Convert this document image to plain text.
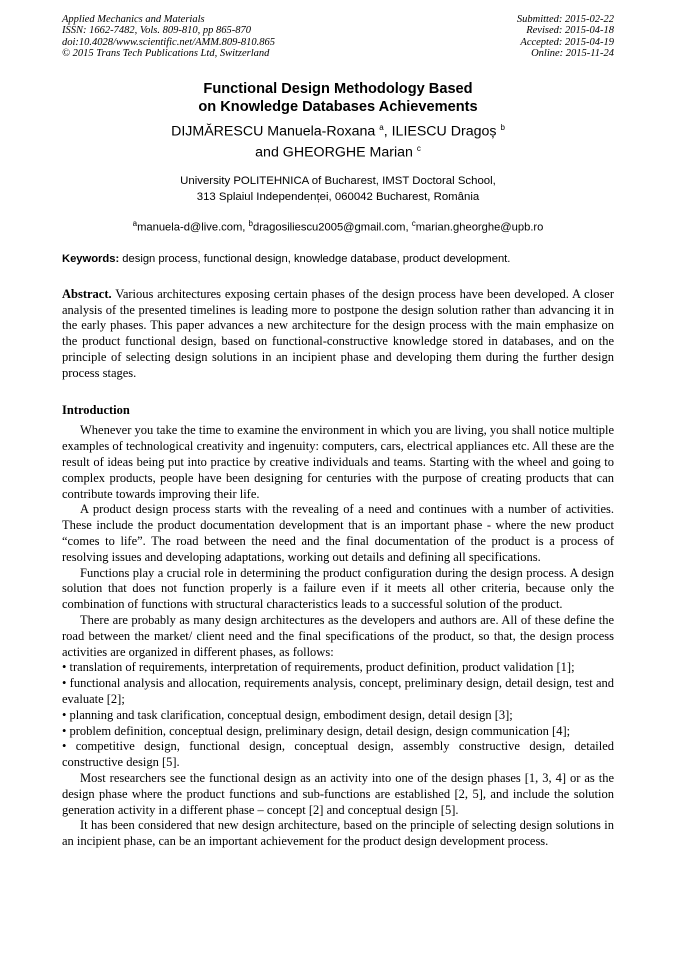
Applied Mechanics and Materials
ISSN: 1662-7482, Vols. 809-810, pp 865-870
doi:10.4028/www.scientific.net/AMM.809-810.865
© 2015 Trans Tech Publications Ltd, Switzerland
Submitted: 2015-02-22
Revised: 2015-04-18
Accepted: 2015-04-19
Online: 2015-11-24
Functional Design Methodology Based
on Knowledge Databases Achievements
DIJMĂRESCU Manuela-Roxana $^a$, ILIESCU Dragoș $^b$
and GHEORGHE Marian $^c$
University POLITEHNICA of Bucharest, IMST Doctoral School,
313 Splaiul Independenței, 060042 Bucharest, România
$^a$manuela-d@live.com, $^b$dragosiliescu2005@gmail.com, $^c$marian.gheorghe@upb.ro
Keywords: design process, functional design, knowledge database, product development.
Abstract. Various architectures exposing certain phases of the design process have been developed. A closer analysis of the presented timelines is leading more to postpone the design solution rather than advancing it in the early phases. This paper advances a new architecture for the design process with the main emphasize on the product functional design, based on functional-constructive knowledge stored in databases, and on the principle of selecting design solutions in an incipient phase and developing them during the further design process stages.
Introduction

Whenever you take the time to examine the environment in which you are living, you shall notice multiple examples of technological creativity and ingenuity: computers, cars, electrical appliances etc. All these are the result of ideas being put into practice by creative individuals and teams. Starting with the wheel and going to complex products, people have been designing for centuries with the purpose of creating products that can contribute towards improving their life.

A product design process starts with the revealing of a need and continues with a number of activities. These include the product documentation development that is an important phase - where the new product “comes to life”. The road between the need and the final documentation of the product is a process of resolving issues and developing adaptations, working out details and defining all specifications.

Functions play a crucial role in determining the product configuration during the design process. A design solution that does not function properly is a failure even if it meets all other criteria, because only the combination of functions with structural characteristics leads to a successful solution of the product.

There are probably as many design architectures as the developers and authors are. All of these define the road between the market/ client need and the final specifications of the product, so that, the design process activities are organized in different phases, as follows:

• translation of requirements, interpretation of requirements, product definition, product validation [1];

• functional analysis and allocation, requirements analysis, concept, preliminary design, detail design, test and evaluate [2];

• planning and task clarification, conceptual design, embodiment design, detail design [3];

• problem definition, conceptual design, preliminary design, detail design, design communication [4];

• competitive design, functional design, conceptual design, assembly constructive design, detailed constructive design [5].

Most researchers see the functional design as an activity into one of the design phases [1, 3, 4] or as the design phase where the product functions and sub-functions are established [2, 5], and include the solution generation activity in a different phase – concept [2] and conceptual design [5].

It has been considered that new design architecture, based on the principle of selecting design solutions in an incipient phase, can be an important achievement for the product design development process.
